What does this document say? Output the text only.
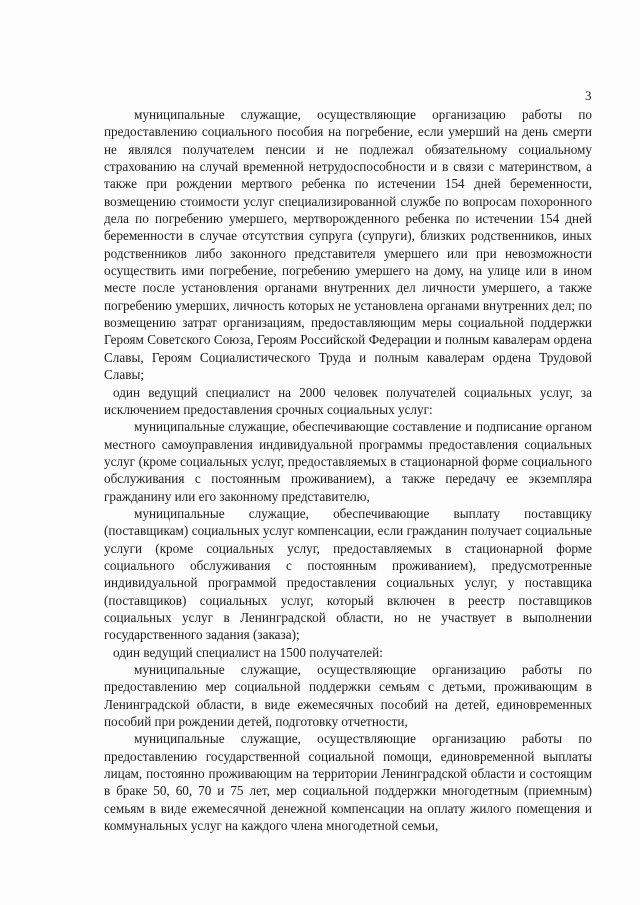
3

муниципальные служащие, осуществляющие организацию работы по предоставлению социального пособия на погребение, если умерший на день смерти не являлся получателем пенсии и не подлежал обязательному социальному страхованию на случай временной нетрудоспособности и в связи с материнством, а также при рождении мертвого ребенка по истечении 154 дней беременности, возмещению стоимости услуг специализированной службе по вопросам похоронного дела по погребению умершего, мертворожденного ребенка по истечении 154 дней беременности в случае отсутствия супруга (супруги), близких родственников, иных родственников либо законного представителя умершего или при невозможности осуществить ими погребение, погребению умершего на дому, на улице или в ином месте после установления органами внутренних дел личности умершего, а также погребению умерших, личность которых не установлена органами внутренних дел; по возмещению затрат организациям, предоставляющим меры социальной поддержки Героям Советского Союза, Героям Российской Федерации и полным кавалерам ордена Славы, Героям Социалистического Труда и полным кавалерам ордена Трудовой Славы;

один ведущий специалист на 2000 человек получателей социальных услуг, за исключением предоставления срочных социальных услуг:

муниципальные служащие, обеспечивающие составление и подписание органом местного самоуправления индивидуальной программы предоставления социальных услуг (кроме социальных услуг, предоставляемых в стационарной форме социального обслуживания с постоянным проживанием), а также передачу ее экземпляра гражданину или его законному представителю,

муниципальные служащие, обеспечивающие выплату поставщику (поставщикам) социальных услуг компенсации, если гражданин получает социальные услуги (кроме социальных услуг, предоставляемых в стационарной форме социального обслуживания с постоянным проживанием), предусмотренные индивидуальной программой предоставления социальных услуг, у поставщика (поставщиков) социальных услуг, который включен в реестр поставщиков социальных услуг в Ленинградской области, но не участвует в выполнении государственного задания (заказа);

один ведущий специалист на 1500 получателей:

муниципальные служащие, осуществляющие организацию работы по предоставлению мер социальной поддержки семьям с детьми, проживающим в Ленинградской области, в виде ежемесячных пособий на детей, единовременных пособий при рождении детей, подготовку отчетности,

муниципальные служащие, осуществляющие организацию работы по предоставлению государственной социальной помощи, единовременной выплаты лицам, постоянно проживающим на территории Ленинградской области и состоящим в браке 50, 60, 70 и 75 лет, мер социальной поддержки многодетным (приемным) семьям в виде ежемесячной денежной компенсации на оплату жилого помещения и коммунальных услуг на каждого члена многодетной семьи,
